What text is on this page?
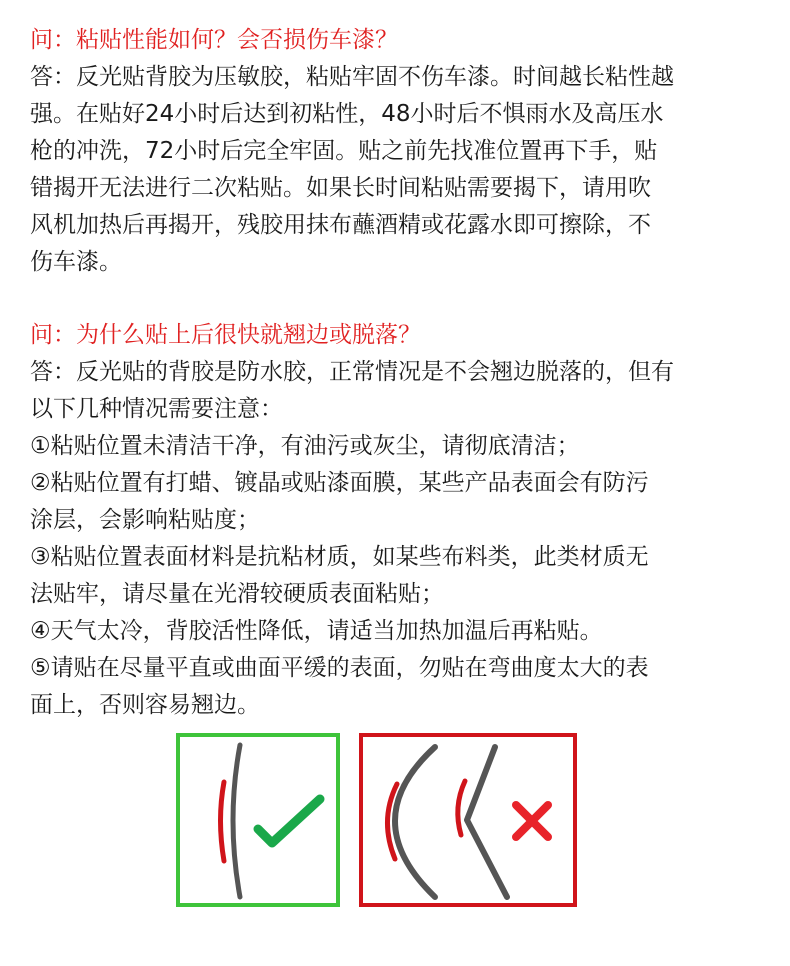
问：粘贴性能如何？会否损伤车漆？
答：反光贴背胶为压敏胶，粘贴牢固不伤车漆。时间越长粘性越
强。在贴好24小时后达到初粘性，48小时后不惧雨水及高压水
枪的冲洗，72小时后完全牢固。贴之前先找准位置再下手，贴
错揭开无法进行二次粘贴。如果长时间粘贴需要揭下，请用吹
风机加热后再揭开，残胶用抹布蘸酒精或花露水即可擦除，不
伤车漆。
问：为什么贴上后很快就翘边或脱落？
答：反光贴的背胶是防水胶，正常情况是不会翘边脱落的，但有
以下几种情况需要注意：
①粘贴位置未清洁干净，有油污或灰尘，请彻底清洁；
②粘贴位置有打蜡、镀晶或贴漆面膜，某些产品表面会有防污
涂层，会影响粘贴度；
③粘贴位置表面材料是抗粘材质，如某些布料类，此类材质无
法贴牢，请尽量在光滑较硬质表面粘贴；
④天气太冷，背胶活性降低，请适当加热加温后再粘贴。
⑤请贴在尽量平直或曲面平缓的表面，勿贴在弯曲度太大的表
面上，否则容易翘边。
